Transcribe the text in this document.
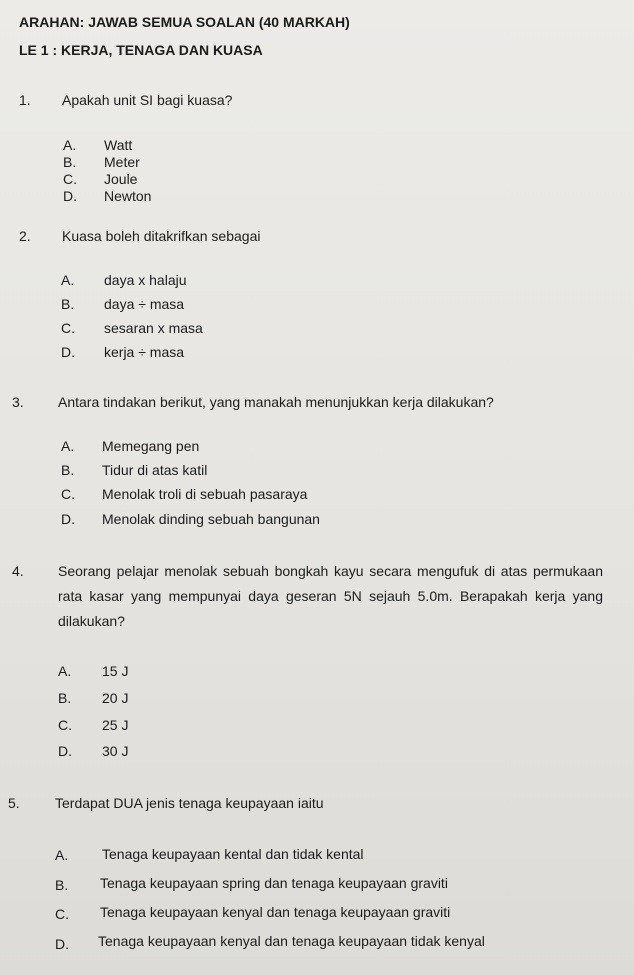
ARAHAN: JAWAB SEMUA SOALAN (40 MARKAH)
LE 1 : KERJA, TENAGA DAN KUASA
1. Apakah unit SI bagi kuasa?
A. Watt
B. Meter
C. Joule
D. Newton
2. Kuasa boleh ditakrifkan sebagai
A. daya x halaju
B. daya ÷ masa
C. sesaran x masa
D. kerja ÷ masa
3. Antara tindakan berikut, yang manakah menunjukkan kerja dilakukan?
A. Memegang pen
B. Tidur di atas katil
C. Menolak troli di sebuah pasaraya
D. Menolak dinding sebuah bangunan
4. Seorang pelajar menolak sebuah bongkah kayu secara mengufuk di atas permukaan rata kasar yang mempunyai daya geseran 5N sejauh 5.0m. Berapakah kerja yang dilakukan?
A. 15 J
B. 20 J
C. 25 J
D. 30 J
5.	Terdapat DUA jenis tenaga keupayaan iaitu
A. Tenaga keupayaan kental dan tidak kental
B. Tenaga keupayaan spring dan tenaga keupayaan graviti
C. Tenaga keupayaan kenyal dan tenaga keupayaan graviti
D. Tenaga keupayaan kenyal dan tenaga keupayaan tidak kenyal
